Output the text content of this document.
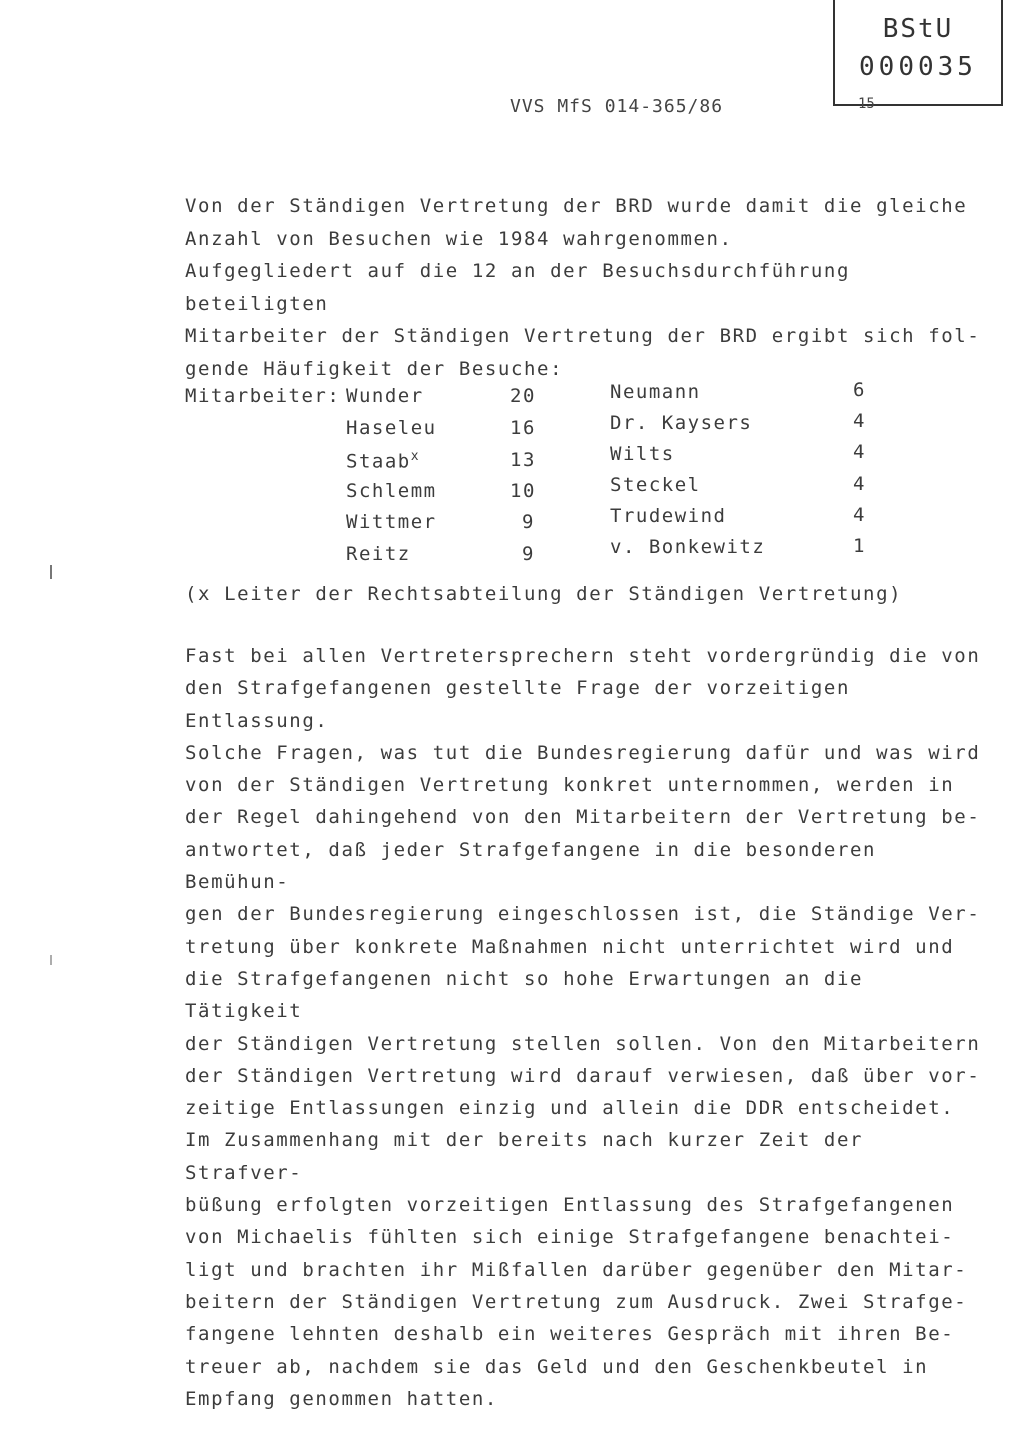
BStU
000035
15
VVS MfS 014-365/86

Von der Ständigen Vertretung der BRD wurde damit die gleiche
Anzahl von Besuchen wie 1984 wahrgenommen.
Aufgegliedert auf die 12 an der Besuchsdurchführung beteiligten
Mitarbeiter der Ständigen Vertretung der BRD ergibt sich fol-
gende Häufigkeit der Besuche:

Mitarbeiter: Wunder	20
Haseleu	16
Staab$^x$	13
Schlemm	10
Wittmer	9
Reitz	9
Neumann	6
Dr. Kaysers	4
Wilts	4
Steckel	4
Trudewind	4
v. Bonkewitz	1
(x Leiter der Rechtsabteilung der Ständigen Vertretung)

Fast bei allen Vertretersprechern steht vordergründig die von
den Strafgefangenen gestellte Frage der vorzeitigen Entlassung.
Solche Fragen, was tut die Bundesregierung dafür und was wird
von der Ständigen Vertretung konkret unternommen, werden in
der Regel dahingehend von den Mitarbeitern der Vertretung be-
antwortet, daß jeder Strafgefangene in die besonderen Bemühun-
gen der Bundesregierung eingeschlossen ist, die Ständige Ver-
tretung über konkrete Maßnahmen nicht unterrichtet wird und
die Strafgefangenen nicht so hohe Erwartungen an die Tätigkeit
der Ständigen Vertretung stellen sollen. Von den Mitarbeitern
der Ständigen Vertretung wird darauf verwiesen, daß über vor-
zeitige Entlassungen einzig und allein die DDR entscheidet.
Im Zusammenhang mit der bereits nach kurzer Zeit der Strafver-
büßung erfolgten vorzeitigen Entlassung des Strafgefangenen
von Michaelis fühlten sich einige Strafgefangene benachtei-
ligt und brachten ihr Mißfallen darüber gegenüber den Mitar-
beitern der Ständigen Vertretung zum Ausdruck. Zwei Strafge-
fangene lehnten deshalb ein weiteres Gespräch mit ihren Be-
treuer ab, nachdem sie das Geld und den Geschenkbeutel in
Empfang genommen hatten.
